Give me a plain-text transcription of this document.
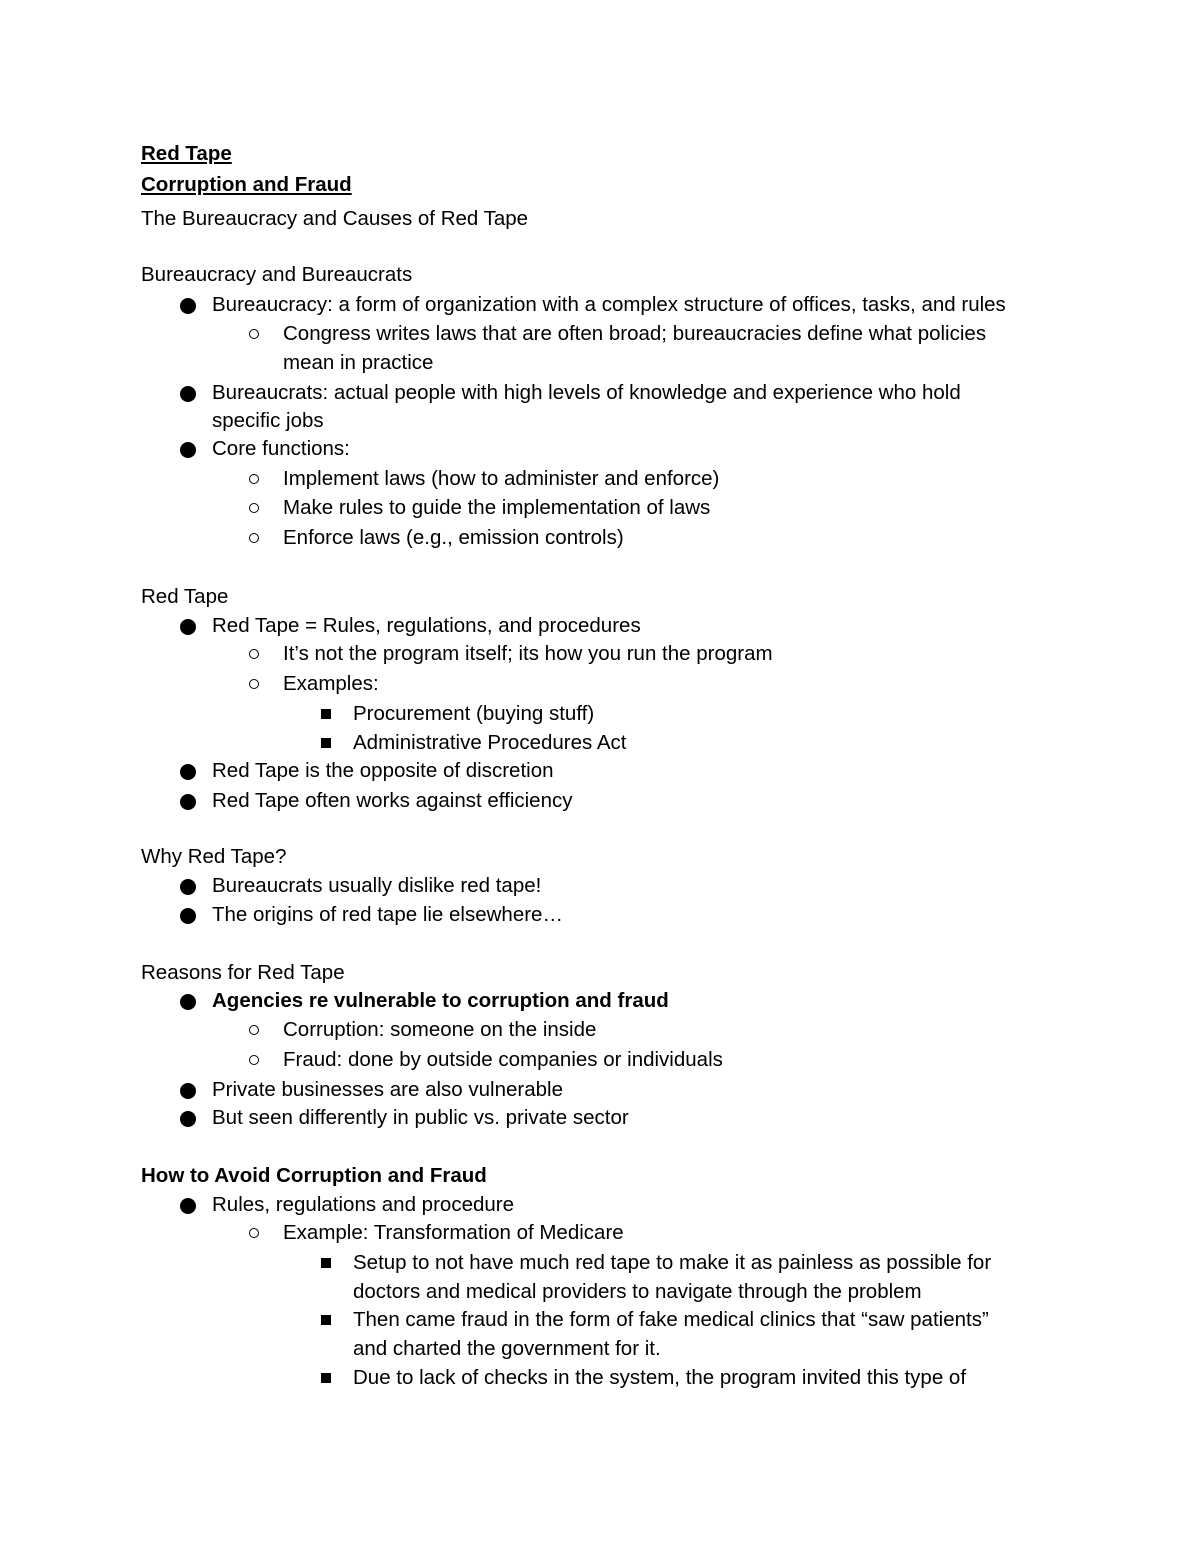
Red Tape
Corruption and Fraud
The Bureaucracy and Causes of Red Tape
Bureaucracy and Bureaucrats
Bureaucracy: a form of organization with a complex structure of offices, tasks, and rules
Congress writes laws that are often broad; bureaucracies define what policies
mean in practice
Bureaucrats: actual people with high levels of knowledge and experience who hold
specific jobs
Core functions:
Implement laws (how to administer and enforce)
Make rules to guide the implementation of laws
Enforce laws (e.g., emission controls)
Red Tape
Red Tape = Rules, regulations, and procedures
It’s not the program itself; its how you run the program
Examples:
Procurement (buying stuff)
Administrative Procedures Act
Red Tape is the opposite of discretion
Red Tape often works against efficiency
Why Red Tape?
Bureaucrats usually dislike red tape!
The origins of red tape lie elsewhere…
Reasons for Red Tape
Agencies re vulnerable to corruption and fraud
Corruption: someone on the inside
Fraud: done by outside companies or individuals
Private businesses are also vulnerable
But seen differently in public vs. private sector
How to Avoid Corruption and Fraud
Rules, regulations and procedure
Example: Transformation of Medicare
Setup to not have much red tape to make it as painless as possible for
doctors and medical providers to navigate through the problem
Then came fraud in the form of fake medical clinics that “saw patients”
and charted the government for it.
Due to lack of checks in the system, the program invited this type of
